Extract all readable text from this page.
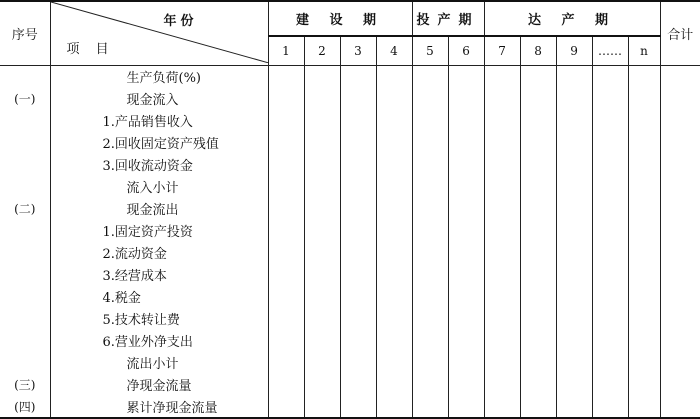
序号	年份
项 目	建 设 期				投产期		达 产 期					合计
		1	2	3	4	5	6	7	8	9	……	n	
	生产负荷(%)												
(一)	现金流入												
	1.产品销售收入												
	2.回收固定资产残值												
	3.回收流动资金												
	流入小计												
(二)	现金流出												
	1.固定资产投资												
	2.流动资金												
	3.经营成本												
	4.税金												
	5.技术转让费												
	6.营业外净支出												
	流出小计												
(三)	净现金流量												
(四)	累计净现金流量												
